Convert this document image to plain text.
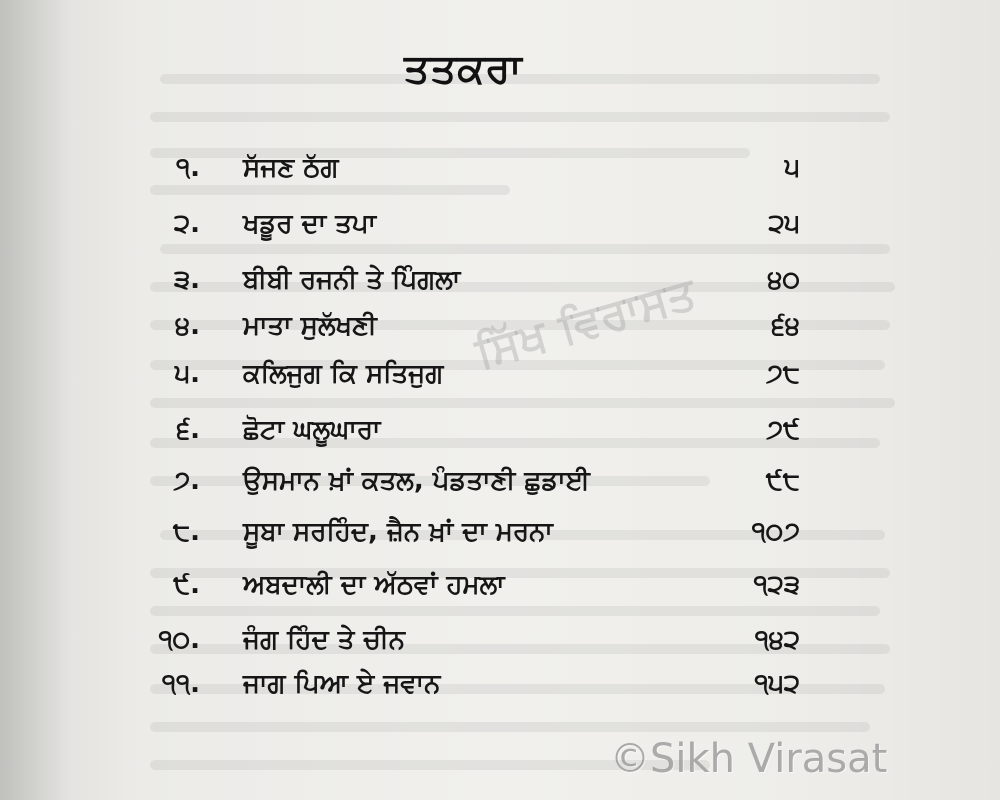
ਤਤਕਰਾ
੧. ਸੱਜਣ ਠੱਗ	੫
੨. ਖਡੂਰ ਦਾ ਤਪਾ	੨੫
੩. ਬੀਬੀ ਰਜਨੀ ਤੇ ਪਿੰਗਲਾ	੪੦
੪. ਮਾਤਾ ਸੁਲੱਖਣੀ	੬੪
੫. ਕਲਿਜੁਗ ਕਿ ਸਤਿਜੁਗ	੭੮
੬. ਛੋਟਾ ਘਲੂਘਾਰਾ	੭੯
੭. ਉਸਮਾਨ ਖ਼ਾਂ ਕਤਲ, ਪੰਡਤਾਣੀ ਛੁਡਾਈ	੯੮
੮. ਸੂਬਾ ਸਰਹਿੰਦ, ਜ਼ੈਨ ਖ਼ਾਂ ਦਾ ਮਰਨਾ	੧੦੭
੯. ਅਬਦਾਲੀ ਦਾ ਅੱਠਵਾਂ ਹਮਲਾ	੧੨੩
੧੦. ਜੰਗ ਹਿੰਦ ਤੇ ਚੀਨ	੧੪੨
੧੧. ਜਾਗ ਪਿਆ ਏ ਜਵਾਨ	੧੫੨
ਸਿੱਖ ਵਿਰਾਸਤ
©Sikh Virasat
